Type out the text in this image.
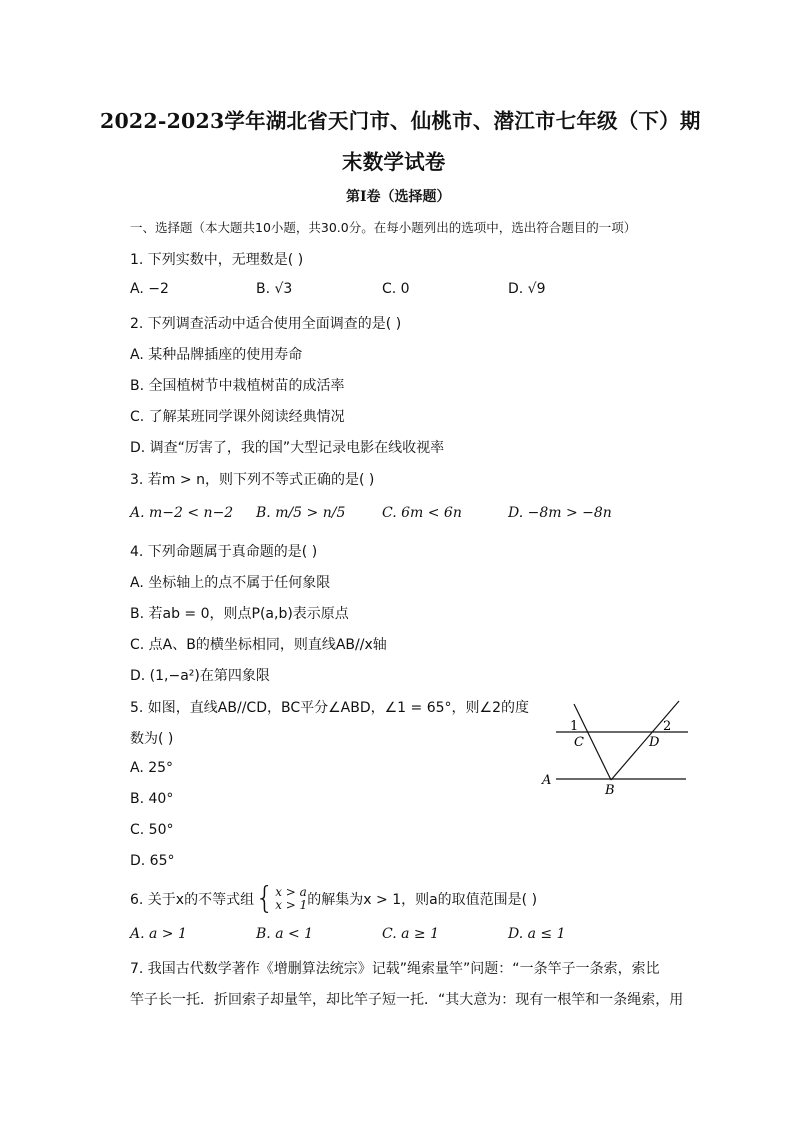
2022-2023学年湖北省天门市、仙桃市、潜江市七年级（下）期
末数学试卷
第I卷（选择题）
一、选择题（本大题共10小题，共30.0分。在每小题列出的选项中，选出符合题目的一项）
1. 下列实数中，无理数是( )
A. −2	B. √3	C. 0	D. √9
2. 下列调查活动中适合使用全面调查的是( )
A. 某种品牌插座的使用寿命
B. 全国植树节中栽植树苗的成活率
C. 了解某班同学课外阅读经典情况
D. 调查“厉害了，我的国”大型记录电影在线收视率
3. 若m > n，则下列不等式正确的是( )
A. m−2 < n−2 B. m/5 > n/5	C. 6m < 6n	D. −8m > −8n
4. 下列命题属于真命题的是( )
A. 坐标轴上的点不属于任何象限
B. 若ab = 0，则点P(a,b)表示原点
C. 点A、B的横坐标相同，则直线AB//x轴
D. (1,−a²)在第四象限
5. 如图，直线AB//CD，BC平分∠ABD，∠1 = 65°，则∠2的度
数为( )
A. 25°
B. 40°
C. 50°
D. 65°
1	2
C	D
A
B
6. 关于x的不等式组 { x > a
x > 1 的解集为x > 1，则a的取值范围是( )
A. a > 1	B. a < 1	C. a ≥ 1	D. a ≤ 1
7. 我国古代数学著作《增删算法统宗》记载”绳索量竿”问题：“一条竿子一条索，索比
竿子长一托．折回索子却量竿，却比竿子短一托．“其大意为：现有一根竿和一条绳索，用
